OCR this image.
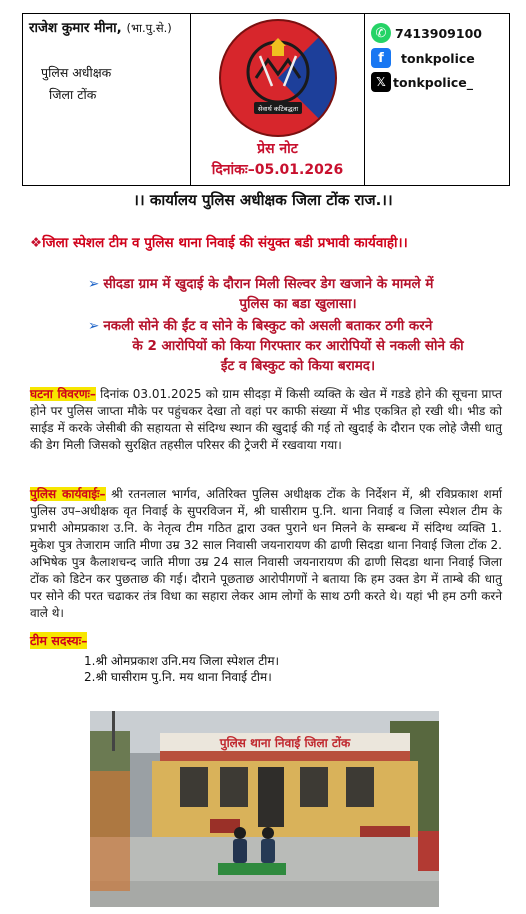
राजेश कुमार मीना, (भा.पु.से.)
पुलिस अधीक्षक
जिला टोंक
सेवार्थ कटिबद्धता
प्रेस नोट
दिनांकः–05.01.2026
✆ 7413909100
f	tonkpolice
𝕏 tonkpolice_
।। कार्यालय पुलिस अधीक्षक जिला टोंक राज.।।
❖जिला स्पेशल टीम व पुलिस थाना निवाई की संयुक्त बडी प्रभावी कार्यवाही।।
➢ सीदडा ग्राम में खुदाई के दौरान मिली सिल्वर डेग खजाने के मामले में
पुलिस का बडा खुलासा।
➢ नकली सोने की ईंट व सोने के बिस्कुट को असली बताकर ठगी करने
के 2 आरोपियों को किया गिरफ्तार कर आरोपियों से नकली सोने की
ईंट व बिस्कुट को किया बरामद।
घटना विवरणः– दिनांक 03.01.2025 को ग्राम सीदड़ा में किसी व्यक्ति के खेत में गडडे होने की सूचना प्राप्त होने पर पुलिस जाप्ता मौके पर पहुंचकर देखा तो वहां पर काफी संख्या में भीड एकत्रित हो रखी थी। भीड को साईड में करके जेसीबी की सहायता से संदिग्ध स्थान की खुदाई की गई तो खुदाई के दौरान एक लोहे जैसी धातु की डेग मिली जिसको सुरक्षित तहसील परिसर की ट्रेजरी में रखवाया गया।
पुलिस कार्यवाईः– श्री रतनलाल भार्गव, अतिरिक्त पुलिस अधीक्षक टोंक के निर्देशन में, श्री रविप्रकाश शर्मा पुलिस उप–अधीक्षक वृत निवाई के सुपरविजन में, श्री घासीराम पु.नि. थाना निवाई व जिला स्पेशल टीम के प्रभारी ओमप्रकाश उ.नि. के नेतृत्व टीम गठित द्वारा उक्त पुराने धन मिलने के सम्बन्ध में संदिग्ध व्यक्ति 1. मुकेश पुत्र तेजाराम जाति मीणा उम्र 32 साल निवासी जयनारायण की ढाणी सिदडा थाना निवाई जिला टोंक 2. अभिषेक पुत्र कैलाशचन्द जाति मीणा उम्र 24 साल निवासी जयनारायण की ढाणी सिदडा थाना निवाई जिला टोंक को डिटेन कर पुछताछ की गई। दौराने पूछताछ आरोपीगणों ने बताया कि हम उक्त डेग में ताम्बे की धातु पर सोने की परत चढाकर तंत्र विधा का सहारा लेकर आम लोगों के साथ ठगी करते थे। यहां भी हम ठगी करने वाले थे।
टीम सदस्यः–
1.श्री ओमप्रकाश उनि.मय जिला स्पेशल टीम।
2.श्री घासीराम पु.नि. मय थाना निवाई टीम।
पुलिस थाना निवाई जिला टोंक
